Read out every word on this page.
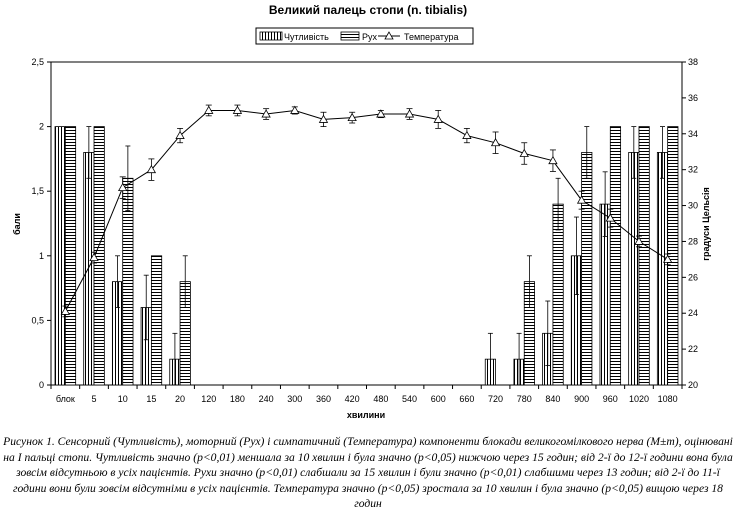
Великий палець стопи (n. tibialis)
Чутливість	Рух	Температура
0
0,5
1
1,5
2
2,5
20
22
24
26
28
30
32
34
36
38
блок 5 10 15 20 120 180 240 300 360 420 480 540 600 660 720 780 840 900 960 1020 1080
хвилини
бали	градуси Цельсія

Рисунок 1. Сенсорний (Чутливість), моторний (Рух) і симпатичний (Температура) компоненти блокади великогомілкового нерва (M±m), оцінювані на I пальці стопи. Чутливість значно (p<0,01) меншала за 10 хвилин і була значно (p<0,05) нижчою через 15 годин; від 2-ї до 12-ї години вона була зовсім відсутньою в усіх пацієнтів. Рухи значно (p<0,01) слабшали за 15 хвилин і були значно (p<0,01) слабшими через 13 годин; від 2-ї до 11-ї години вони були зовсім відсутніми в усіх пацієнтів. Температура значно (p<0,05) зростала за 10 хвилин і була значно (p<0,05) вищою через 18 годин
